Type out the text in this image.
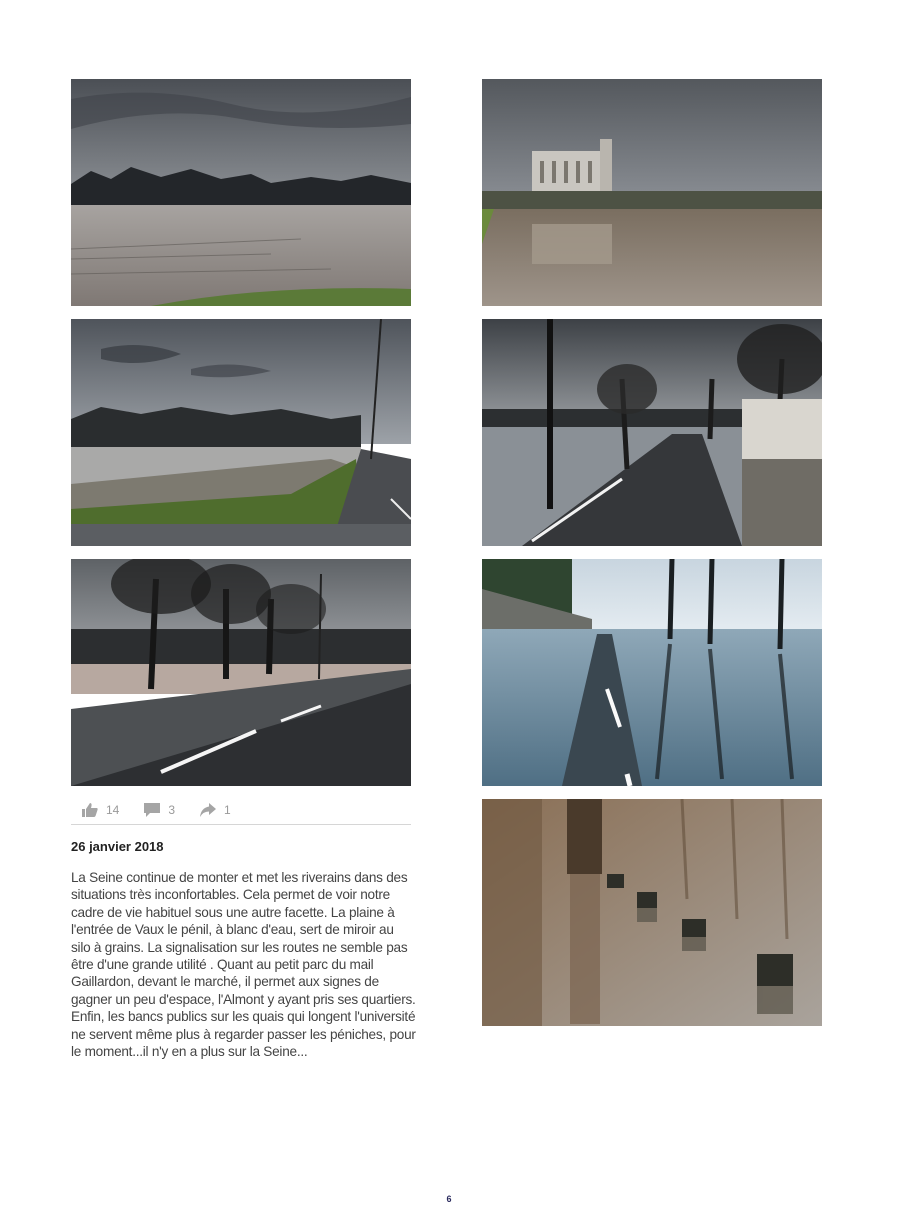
14	3	1
26 janvier 2018
La Seine continue de monter et met les riverains dans des situations très inconfortables. Cela permet de voir notre cadre de vie habituel sous une autre facette. La plaine à l'entrée de Vaux le pénil, à blanc d'eau, sert de miroir au silo à grains. La signalisation sur les routes ne semble pas être d'une grande utilité . Quant au petit parc du mail Gaillardon, devant le marché, il permet aux signes de gagner un peu d'espace, l'Almont y ayant pris ses quartiers. Enfin, les bancs publics sur les quais qui longent l'université ne servent même plus à regarder passer les péniches, pour le moment...il n'y en a plus sur la Seine...
6
